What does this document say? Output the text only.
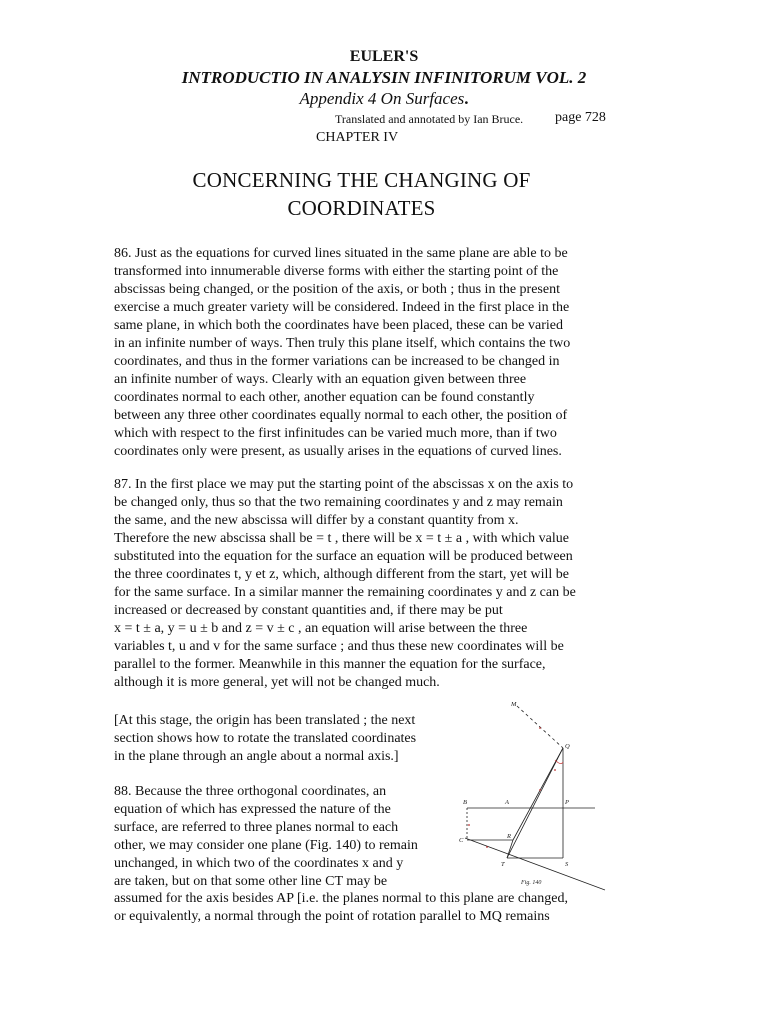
EULER'S
INTRODUCTIO IN ANALYSIN INFINITORUM VOL. 2
Appendix 4 On Surfaces.
Translated and annotated by Ian Bruce. page 728
CHAPTER IV
CONCERNING THE CHANGING OF
COORDINATES

86. Just as the equations for curved lines situated in the same plane are able to be
transformed into innumerable diverse forms with either the starting point of the
abscissas being changed, or the position of the axis, or both ; thus in the present
exercise a much greater variety will be considered. Indeed in the first place in the
same plane, in which both the coordinates have been placed, these can be varied
in an infinite number of ways. Then truly this plane itself, which contains the two
coordinates, and thus in the former variations can be increased to be changed in
an infinite number of ways. Clearly with an equation given between three
coordinates normal to each other, another equation can be found constantly
between any three other coordinates equally normal to each other, the position of
which with respect to the first infinitudes can be varied much more, than if two
coordinates only were present, as usually arises in the equations of curved lines.

87. In the first place we may put the starting point of the abscissas x on the axis to
be changed only, thus so that the two remaining coordinates y and z may remain
the same, and the new abscissa will differ by a constant quantity from x.
Therefore the new abscissa shall be = t , there will be x = t ± a , with which value
substituted into the equation for the surface an equation will be produced between
the three coordinates t, y et z, which, although different from the start, yet will be
for the same surface. In a similar manner the remaining coordinates y and z can be
increased or decreased by constant quantities and, if there may be put
x = t ± a, y = u ± b and z = v ± c , an equation will arise between the three
variables t, u and v for the same surface ; and thus these new coordinates will be
parallel to the former. Meanwhile in this manner the equation for the surface,
although it is more general, yet will not be changed much.

[At this stage, the origin has been translated ; the next
section shows how to rotate the translated coordinates
in the plane through an angle about a normal axis.]

88. Because the three orthogonal coordinates, an
equation of which has expressed the nature of the
surface, are referred to three planes normal to each
other, we may consider one plane (Fig. 140) to remain
unchanged, in which two of the coordinates x and y
are taken, but on that some other line CT may be

assumed for the axis besides AP [i.e. the planes normal to this plane are changed,
or equivalently, a normal through the point of rotation parallel to MQ remains

M
Q
B	A	P
R
C
T	S
Fig. 140
